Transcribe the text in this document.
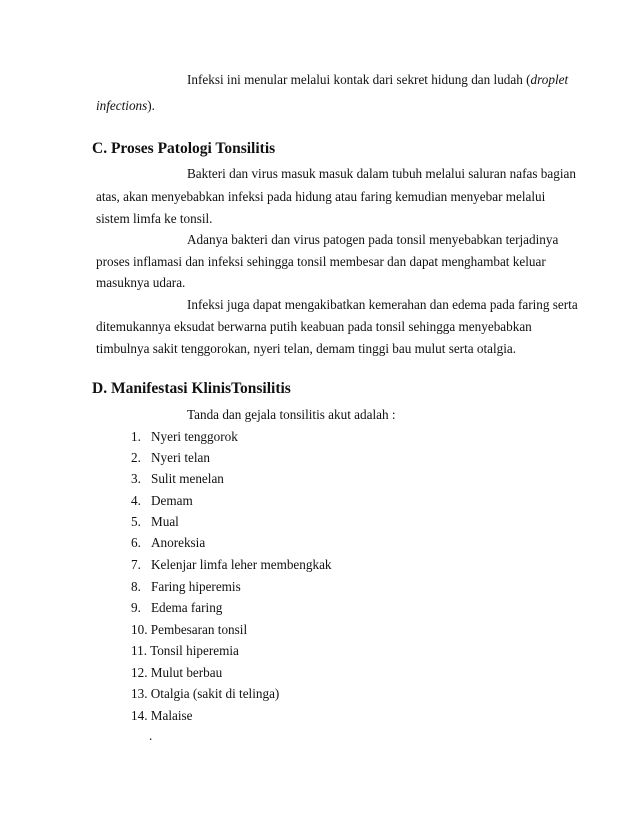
Infeksi ini menular melalui kontak dari sekret hidung dan ludah (droplet
infections).
C. Proses Patologi Tonsilitis
Bakteri dan virus masuk masuk dalam tubuh melalui saluran nafas bagian
atas, akan menyebabkan infeksi pada hidung atau faring kemudian menyebar melalui
sistem limfa ke tonsil.
Adanya bakteri dan virus patogen pada tonsil menyebabkan terjadinya
proses inflamasi dan infeksi sehingga tonsil membesar dan dapat menghambat keluar
masuknya udara.
Infeksi juga dapat mengakibatkan kemerahan dan edema pada faring serta
ditemukannya eksudat berwarna putih keabuan pada tonsil sehingga menyebabkan
timbulnya sakit tenggorokan, nyeri telan, demam tinggi bau mulut serta otalgia.
D. Manifestasi KlinisTonsilitis
Tanda dan gejala tonsilitis akut adalah :
1. Nyeri tenggorok
2. Nyeri telan
3. Sulit menelan
4. Demam
5. Mual
6. Anoreksia
7. Kelenjar limfa leher membengkak
8. Faring hiperemis
9. Edema faring
10. Pembesaran tonsil
11. Tonsil hiperemia
12. Mulut berbau
13. Otalgia (sakit di telinga)
14. Malaise
.
